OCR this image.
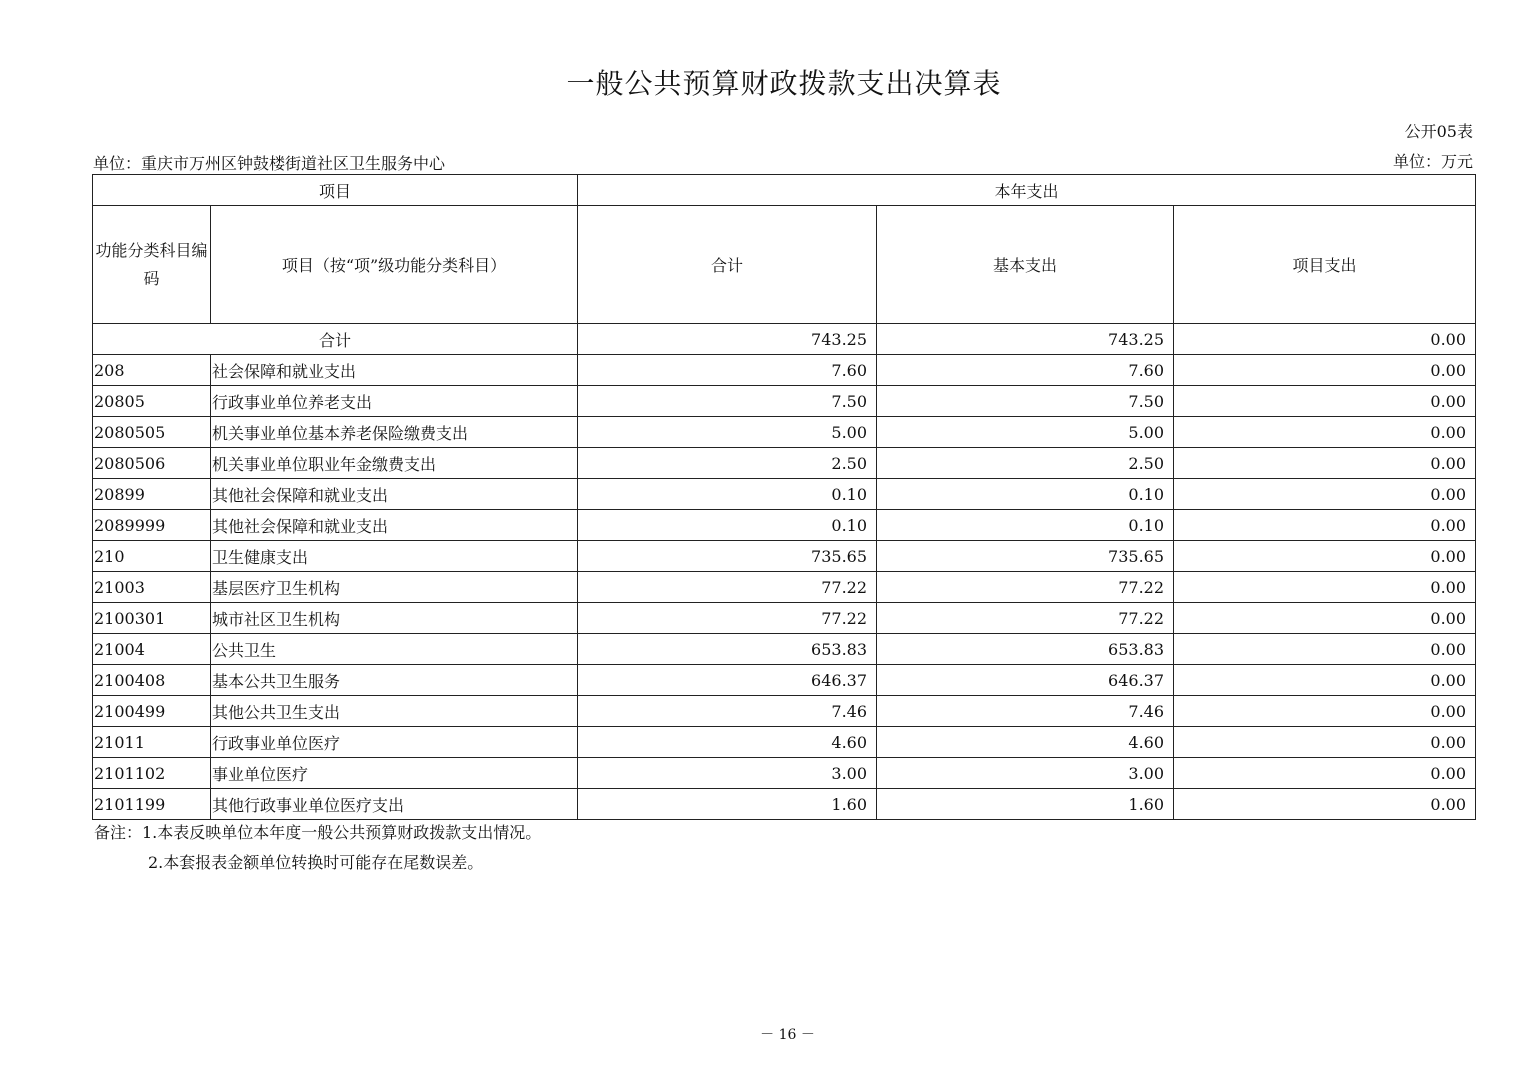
一般公共预算财政拨款支出决算表
公开05表
单位：重庆市万州区钟鼓楼街道社区卫生服务中心	单位：万元
项目		本年支出		
功能分类科目编码	项目（按“项”级功能分类科目）	合计	基本支出	项目支出
合计		743.25	743.25	0.00
208	社会保障和就业支出	7.60	7.60	0.00
20805	行政事业单位养老支出	7.50	7.50	0.00
2080505	机关事业单位基本养老保险缴费支出	5.00	5.00	0.00
2080506	机关事业单位职业年金缴费支出	2.50	2.50	0.00
20899	其他社会保障和就业支出	0.10	0.10	0.00
2089999	其他社会保障和就业支出	0.10	0.10	0.00
210	卫生健康支出	735.65	735.65	0.00
21003	基层医疗卫生机构	77.22	77.22	0.00
2100301	城市社区卫生机构	77.22	77.22	0.00
21004	公共卫生	653.83	653.83	0.00
2100408	基本公共卫生服务	646.37	646.37	0.00
2100499	其他公共卫生支出	7.46	7.46	0.00
21011	行政事业单位医疗	4.60	4.60	0.00
2101102	事业单位医疗	3.00	3.00	0.00
2101199	其他行政事业单位医疗支出	1.60	1.60	0.00
备注：1.本表反映单位本年度一般公共预算财政拨款支出情况。
2.本套报表金额单位转换时可能存在尾数误差。
－ 16 －
